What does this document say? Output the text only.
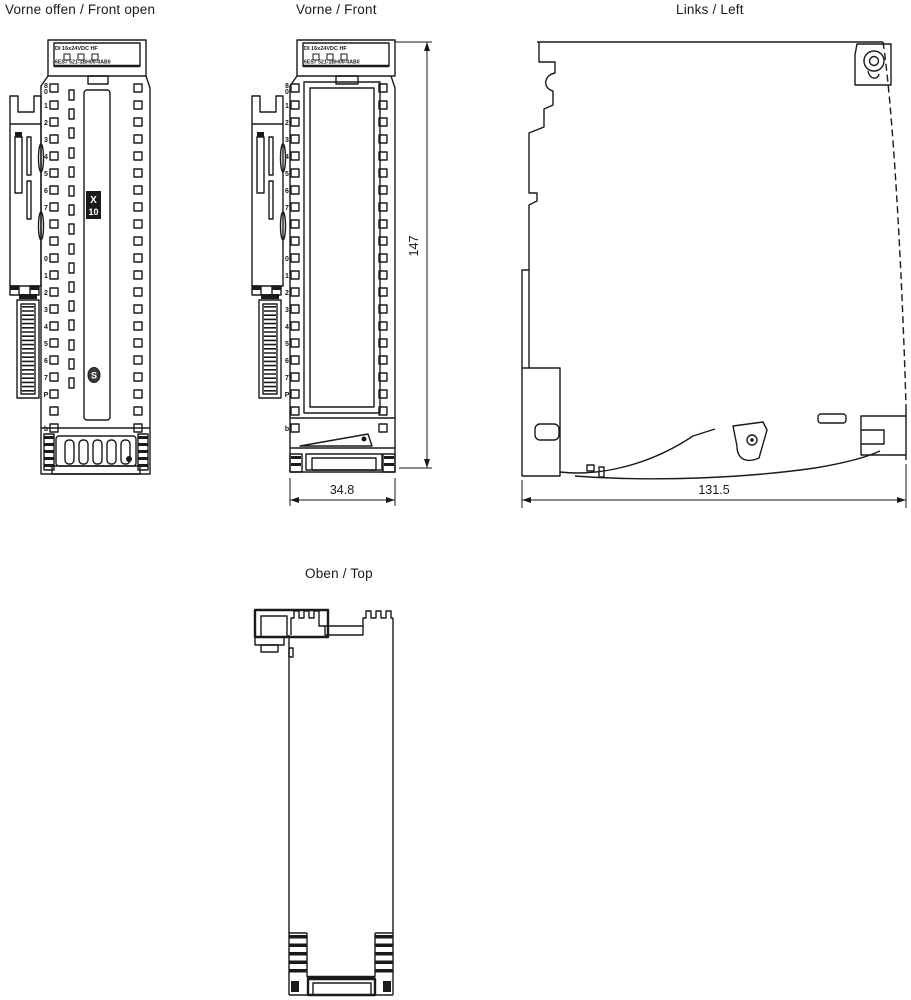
Vorne offen / Front open	Vorne / Front	Links / Left
Oben / Top
DI 16x24VDC HF
6ES7 521-1BH00-0AB0
8
0
1
2
3
4
5
6
7
0
1
2
3
4
5
6
7
P
b
X
10
S
DI 16x24VDC HF
6ES7 521-1BH00-0AB0
8
0
1
2
3
4
5
6
7
0
1
2
3
4
5
6
7
P
b
147
34.8	131.5
